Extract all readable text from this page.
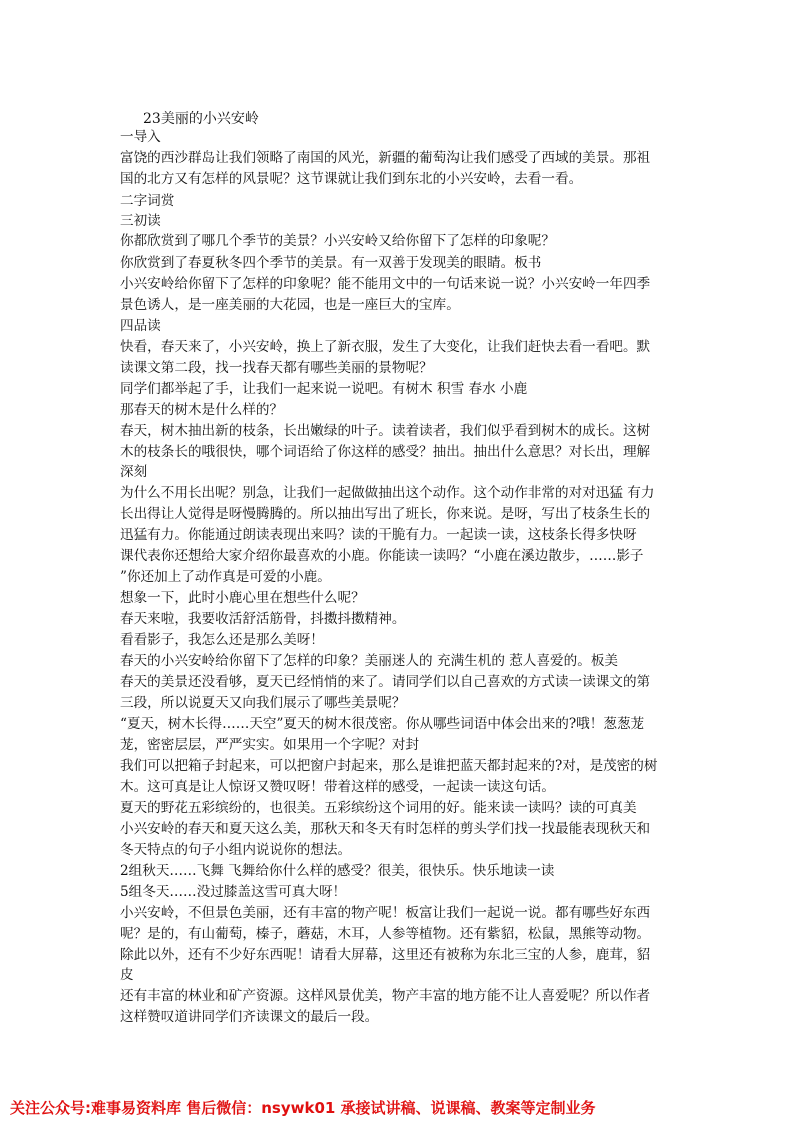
23美丽的小兴安岭
一导入
富饶的西沙群岛让我们领略了南国的风光，新疆的葡萄沟让我们感受了西域的美景。那祖
国的北方又有怎样的风景呢？这节课就让我们到东北的小兴安岭，去看一看。
二字词赏
三初读
你都欣赏到了哪几个季节的美景？小兴安岭又给你留下了怎样的印象呢？
你欣赏到了春夏秋冬四个季节的美景。有一双善于发现美的眼睛。板书
小兴安岭给你留下了怎样的印象呢？能不能用文中的一句话来说一说？小兴安岭一年四季
景色诱人，是一座美丽的大花园，也是一座巨大的宝库。
四品读
快看，春天来了，小兴安岭，换上了新衣服，发生了大变化，让我们赶快去看一看吧。默
读课文第二段，找一找春天都有哪些美丽的景物呢？
同学们都举起了手，让我们一起来说一说吧。有树木 积雪 春水 小鹿
那春天的树木是什么样的？
春天，树木抽出新的枝条，长出嫩绿的叶子。读着读者，我们似乎看到树木的成长。这树
木的枝条长的哦很快，哪个词语给了你这样的感受？抽出。抽出什么意思？对长出，理解
深刻
为什么不用长出呢？别急，让我们一起做做抽出这个动作。这个动作非常的对对迅猛 有力
长出得让人觉得是呀慢腾腾的。所以抽出写出了班长，你来说。是呀，写出了枝条生长的
迅猛有力。你能通过朗读表现出来吗？读的干脆有力。一起读一读，这枝条长得多快呀
课代表你还想给大家介绍你最喜欢的小鹿。你能读一读吗？“小鹿在溪边散步，……影子
”你还加上了动作真是可爱的小鹿。
想象一下，此时小鹿心里在想些什么呢？
春天来啦，我要收活舒活筋骨，抖擞抖擞精神。
看看影子，我怎么还是那么美呀！
春天的小兴安岭给你留下了怎样的印象？美丽迷人的 充满生机的 惹人喜爱的。板美
春天的美景还没看够，夏天已经悄悄的来了。请同学们以自己喜欢的方式读一读课文的第
三段，所以说夏天又向我们展示了哪些美景呢？
“夏天，树木长得……天空”夏天的树木很茂密。你从哪些词语中体会出来的?哦！葱葱茏
茏，密密层层，严严实实。如果用一个字呢？对封
我们可以把箱子封起来，可以把窗户封起来，那么是谁把蓝天都封起来的?对，是茂密的树
木。这可真是让人惊讶又赞叹呀！带着这样的感受，一起读一读这句话。
夏天的野花五彩缤纷的，也很美。五彩缤纷这个词用的好。能来读一读吗？读的可真美
小兴安岭的春天和夏天这么美，那秋天和冬天有时怎样的剪头学们找一找最能表现秋天和
冬天特点的句子小组内说说你的想法。
2组秋天……飞舞 飞舞给你什么样的感受？很美，很快乐。快乐地读一读
5组冬天……没过膝盖这雪可真大呀！
小兴安岭，不但景色美丽，还有丰富的物产呢！板富让我们一起说一说。都有哪些好东西
呢？是的，有山葡萄，榛子，蘑菇，木耳，人参等植物。还有紫貂，松鼠，黑熊等动物。
除此以外，还有不少好东西呢！请看大屏幕，这里还有被称为东北三宝的人参，鹿茸，貂
皮
还有丰富的林业和矿产资源。这样风景优美，物产丰富的地方能不让人喜爱呢？所以作者
这样赞叹道讲同学们齐读课文的最后一段。
关注公众号:难事易资料库 售后微信：nsywk01 承接试讲稿、说课稿、教案等定制业务
